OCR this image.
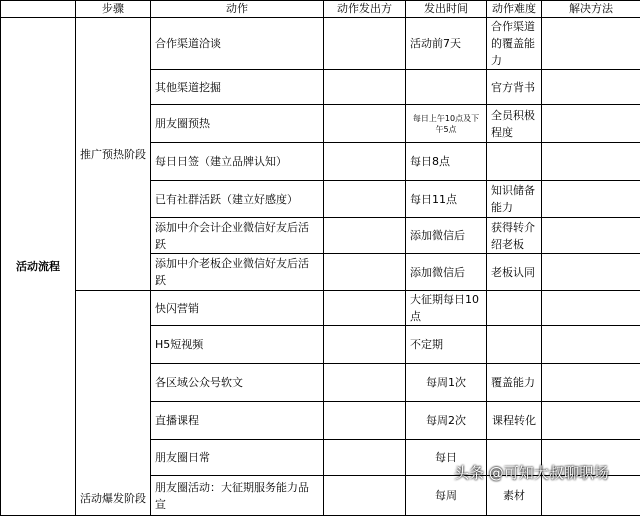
	步骤	动作	动作发出方	发出时间	动作难度	解决方法
活动流程	推广预热阶段	合作渠道洽谈		活动前7天	合作渠道的覆盖能力	
		其他渠道挖掘			官方背书	
		朋友圈预热		每日上午10点及下午5点	全员积极程度	
		每日日签（建立品牌认知）		每日8点		
		已有社群活跃（建立好感度）		每日11点	知识储备能力	
		添加中介会计企业微信好友后活跃		添加微信后	获得转介绍老板	
		添加中介老板企业微信好友后活跃		添加微信后	老板认同	
	活动爆发阶段	快闪营销		大征期每日10点		
		H5短视频		不定期		
		各区域公众号软文		每周1次	覆盖能力	
		直播课程		每周2次	课程转化	
		朋友圈日常		每日		
		朋友圈活动：大征期服务能力品宣		每周	素材	
头条 @可知大叔聊职场
